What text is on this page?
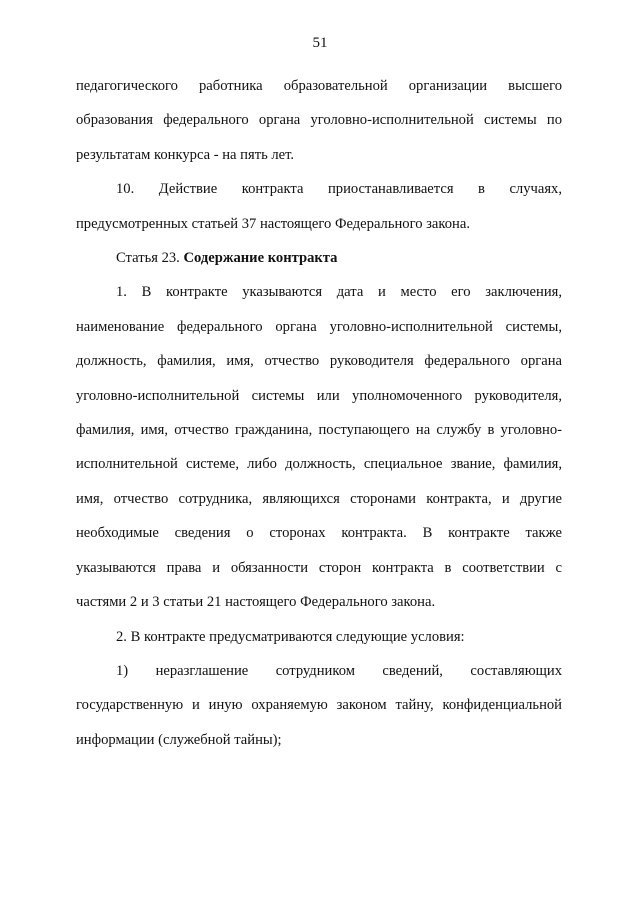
51
педагогического работника образовательной организации высшего
образования федерального органа уголовно-исполнительной системы по
результатам конкурса - на пять лет.
10. Действие контракта приостанавливается в случаях,
предусмотренных статьей 37 настоящего Федерального закона.
Статья 23. Содержание контракта
1. В контракте указываются дата и место его заключения,
наименование федерального органа уголовно-исполнительной системы,
должность, фамилия, имя, отчество руководителя федерального органа
уголовно-исполнительной системы или уполномоченного руководителя,
фамилия, имя, отчество гражданина, поступающего на службу в уголовно-
исполнительной системе, либо должность, специальное звание, фамилия,
имя, отчество сотрудника, являющихся сторонами контракта, и другие
необходимые сведения о сторонах контракта. В контракте также
указываются права и обязанности сторон контракта в соответствии с
частями 2 и 3 статьи 21 настоящего Федерального закона.
2. В контракте предусматриваются следующие условия:
1) неразглашение сотрудником сведений, составляющих
государственную и иную охраняемую законом тайну, конфиденциальной
информации (служебной тайны);
